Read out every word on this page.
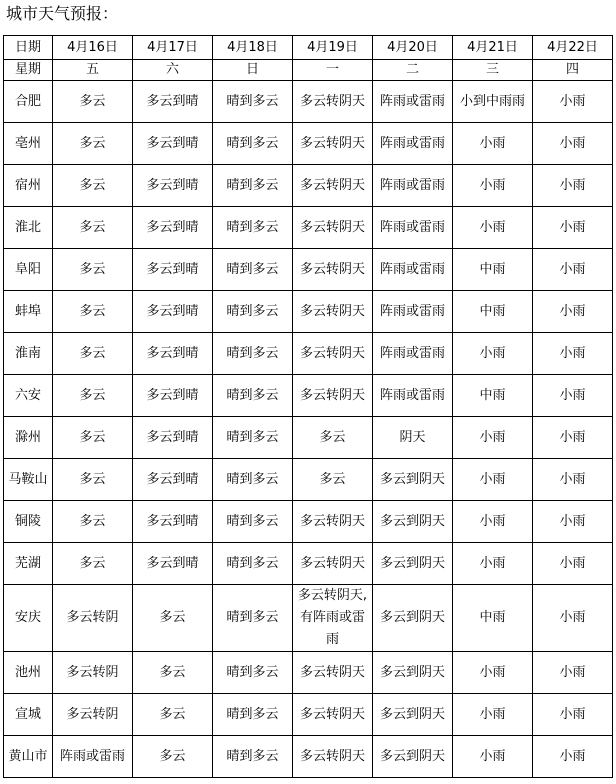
城市天气预报：
日期	4月16日	4月17日	4月18日	4月19日	4月20日	4月21日	4月22日
星期	五	六	日	一	二	三	四
合肥	多云	多云到晴	晴到多云	多云转阴天	阵雨或雷雨	小到中雨雨	小雨
亳州	多云	多云到晴	晴到多云	多云转阴天	阵雨或雷雨	小雨	小雨
宿州	多云	多云到晴	晴到多云	多云转阴天	阵雨或雷雨	小雨	小雨
淮北	多云	多云到晴	晴到多云	多云转阴天	阵雨或雷雨	小雨	小雨
阜阳	多云	多云到晴	晴到多云	多云转阴天	阵雨或雷雨	中雨	小雨
蚌埠	多云	多云到晴	晴到多云	多云转阴天	阵雨或雷雨	中雨	小雨
淮南	多云	多云到晴	晴到多云	多云转阴天	阵雨或雷雨	小雨	小雨
六安	多云	多云到晴	晴到多云	多云转阴天	阵雨或雷雨	中雨	小雨
滁州	多云	多云到晴	晴到多云	多云	阴天	小雨	小雨
马鞍山	多云	多云到晴	晴到多云	多云	多云到阴天	小雨	小雨
铜陵	多云	多云到晴	晴到多云	多云转阴天	多云到阴天	小雨	小雨
芜湖	多云	多云到晴	晴到多云	多云转阴天	多云到阴天	小雨	小雨
安庆	多云转阴	多云	晴到多云	多云转阴天,有阵雨或雷雨	多云到阴天	中雨	小雨
池州	多云转阴	多云	晴到多云	多云转阴天	多云到阴天	小雨	小雨
宣城	多云转阴	多云	晴到多云	多云转阴天	多云到阴天	小雨	小雨
黄山市	阵雨或雷雨	多云	晴到多云	多云转阴天	多云到阴天	小雨	小雨
